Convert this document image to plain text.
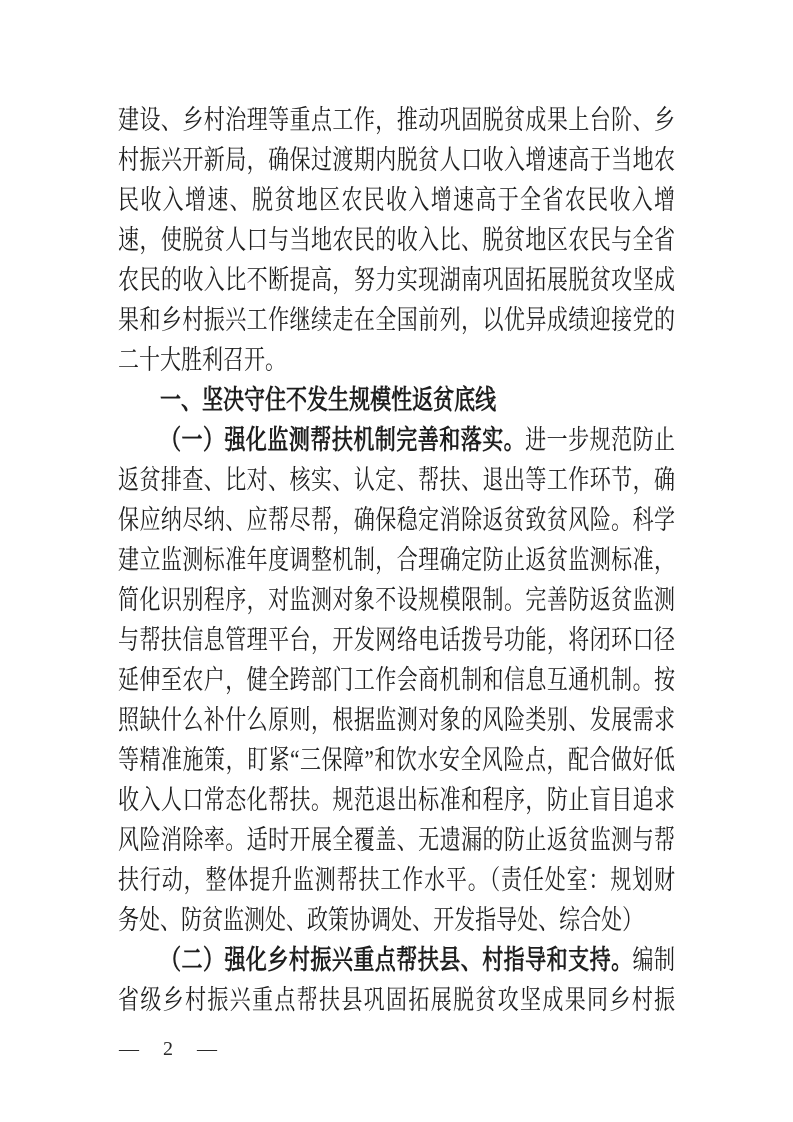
建设、乡村治理等重点工作，推动巩固脱贫成果上台阶、乡
村振兴开新局，确保过渡期内脱贫人口收入增速高于当地农
民收入增速、脱贫地区农民收入增速高于全省农民收入增
速，使脱贫人口与当地农民的收入比、脱贫地区农民与全省
农民的收入比不断提高，努力实现湖南巩固拓展脱贫攻坚成
果和乡村振兴工作继续走在全国前列，以优异成绩迎接党的
二十大胜利召开。
一、坚决守住不发生规模性返贫底线
（一）强化监测帮扶机制完善和落实。进一步规范防止
返贫排查、比对、核实、认定、帮扶、退出等工作环节，确
保应纳尽纳、应帮尽帮，确保稳定消除返贫致贫风险。科学
建立监测标准年度调整机制，合理确定防止返贫监测标准，
简化识别程序，对监测对象不设规模限制。完善防返贫监测
与帮扶信息管理平台，开发网络电话拨号功能，将闭环口径
延伸至农户，健全跨部门工作会商机制和信息互通机制。按
照缺什么补什么原则，根据监测对象的风险类别、发展需求
等精准施策，盯紧“三保障”和饮水安全风险点，配合做好低
收入人口常态化帮扶。规范退出标准和程序，防止盲目追求
风险消除率。适时开展全覆盖、无遗漏的防止返贫监测与帮
扶行动，整体提升监测帮扶工作水平。（责任处室：规划财
务处、防贫监测处、政策协调处、开发指导处、综合处）
（二）强化乡村振兴重点帮扶县、村指导和支持。编制
省级乡村振兴重点帮扶县巩固拓展脱贫攻坚成果同乡村振
— 2 —
